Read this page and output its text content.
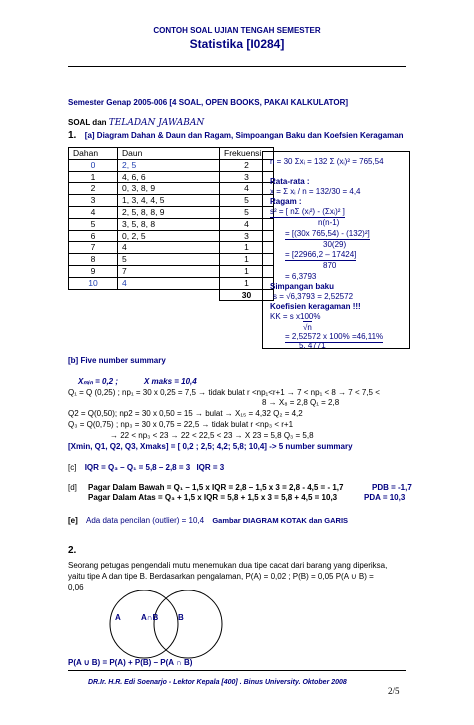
CONTOH SOAL UJIAN TENGAH SEMESTER
Statistika [I0284]
Semester Genap 2005-006 [4 SOAL, OPEN BOOKS, PAKAI KALKULATOR]
SOAL dan TELADAN JAWABAN
1. [a] Diagram Dahan & Daun dan Ragam, Simpoangan Baku dan Koefsien Keragaman
Dahan	Daun	Frekuensi
0	2, 5	2
1	4, 6, 6	3
2	0, 3, 8, 9	4
3	1, 3, 4, 4, 5	5
4	2, 5, 8, 8, 9	5
5	3, 5, 8, 8	4
6	0, 2, 5	3
7	4	1
8	5	1
9	7	1
10	4	1
		30
n = 30 Σxᵢ = 132 Σ (xᵢ)² = 765,54
Rata-rata :
x = Σ xᵢ / n = 132/30 = 4,4
Ragam :
s² = [ nΣ (xᵢ²) - (Σxᵢ)² ]
n(n-1)
= [(30x 765,54) - (132)²]
30(29)
= [22966,2 – 17424]
870
= 6,3793
Simpangan baku
s = √6,3793 = 2,52572
Koefisien keragaman !!!
KK = s x100%
√n
= 2,52572 x 100% =46,11%
5, 4771
[b] Five number summary
Xₘᵢₙ = 0,2 ;	X maks = 10,4
Q₁ = Q (0,25) ; np₁ = 30 x 0,25 = 7,5 → tidak bulat r <np₁<r+1 → 7 < np₁ < 8 → 7 < 7,5 <
8 → X₈ = 2,8 Q₁ = 2,8
Q2 = Q(0,50); np2 = 30 x 0,50 = 15 → bulat → X₁₅ = 4,32 Q₂ = 4,2
Q₃ = Q(0,75) ; np₃ = 30 x 0,75 = 22,5 → tidak bulat r <np₃ < r+1
→ 22 < np₃ < 23 → 22 < 22,5 < 23 → X 23 = 5,8 Q₃ = 5,8
[Xmin, Q1, Q2, Q3, Xmaks] = [ 0,2 ; 2,5; 4,2; 5,8; 10,4] -> 5 number summary
[c] IQR = Q₃ – Q₁ = 5,8 – 2,8 = 3 IQR = 3
[d] Pagar Dalam Bawah = Q₁ – 1,5 x IQR = 2,8 – 1,5 x 3 = 2,8 - 4,5 = - 1,7	PDB = -1,7
Pagar Dalam Atas = Q₃ + 1,5 x IQR = 5,8 + 1,5 x 3 = 5,8 + 4,5 = 10,3	PDA = 10,3
[e] Ada data pencilan (outlier) = 10,4 Gambar DIAGRAM KOTAK dan GARIS
2.
Seorang petugas pengendali mutu menemukan dua tipe cacat dari barang yang diperiksa,
yaitu tipe A dan tipe B. Berdasarkan pengalaman, P(A) = 0,02 ; P(B) = 0,05 P(A ∪ B) =
0,06
A	A∩B B
P(A ∪ B) = P(A) + P(B) – P(A ∩ B)
DR.Ir. H.R. Edi Soenarjo - Lektor Kepala [400] . Binus University. Oktober 2008
2/5
